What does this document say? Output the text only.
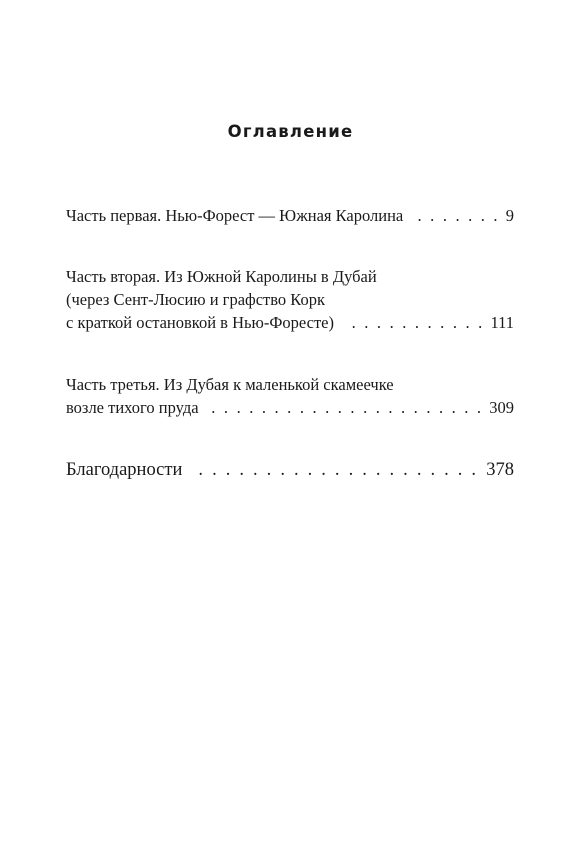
Оглавление
Часть первая. Нью-Форест — Южная Каролина . . .	9
Часть вторая. Из Южной Каролины в Дубай
(через Сент-Люсию и графство Корк
с краткой остановкой в Нью-Форесте) . . .	111
Часть третья. Из Дубая к маленькой скамеечке
возле тихого пруда . . .	309
Благодарности . . .	378
